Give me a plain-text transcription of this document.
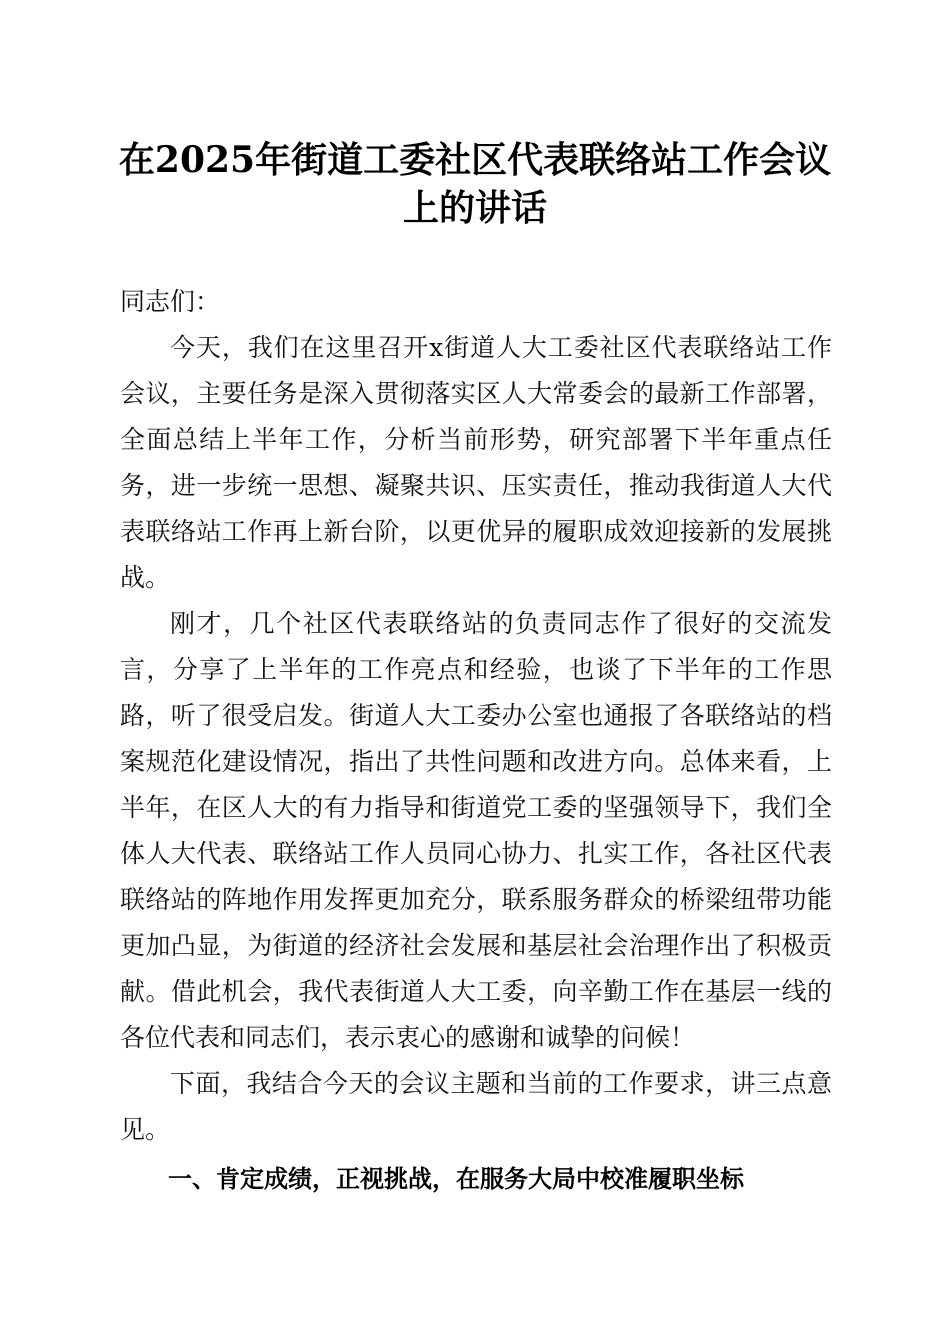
在2025年街道工委社区代表联络站工作会议
上的讲话

同志们：

今天，我们在这里召开x街道人大工委社区代表联络站工作会议，主要任务是深入贯彻落实区人大常委会的最新工作部署，全面总结上半年工作，分析当前形势，研究部署下半年重点任务，进一步统一思想、凝聚共识、压实责任，推动我街道人大代表联络站工作再上新台阶，以更优异的履职成效迎接新的发展挑战。

刚才，几个社区代表联络站的负责同志作了很好的交流发言，分享了上半年的工作亮点和经验，也谈了下半年的工作思路，听了很受启发。街道人大工委办公室也通报了各联络站的档案规范化建设情况，指出了共性问题和改进方向。总体来看，上半年，在区人大的有力指导和街道党工委的坚强领导下，我们全体人大代表、联络站工作人员同心协力、扎实工作，各社区代表联络站的阵地作用发挥更加充分，联系服务群众的桥梁纽带功能更加凸显，为街道的经济社会发展和基层社会治理作出了积极贡献。借此机会，我代表街道人大工委，向辛勤工作在基层一线的各位代表和同志们，表示衷心的感谢和诚挚的问候！

下面，我结合今天的会议主题和当前的工作要求，讲三点意见。

一、肯定成绩，正视挑战，在服务大局中校准履职坐标
